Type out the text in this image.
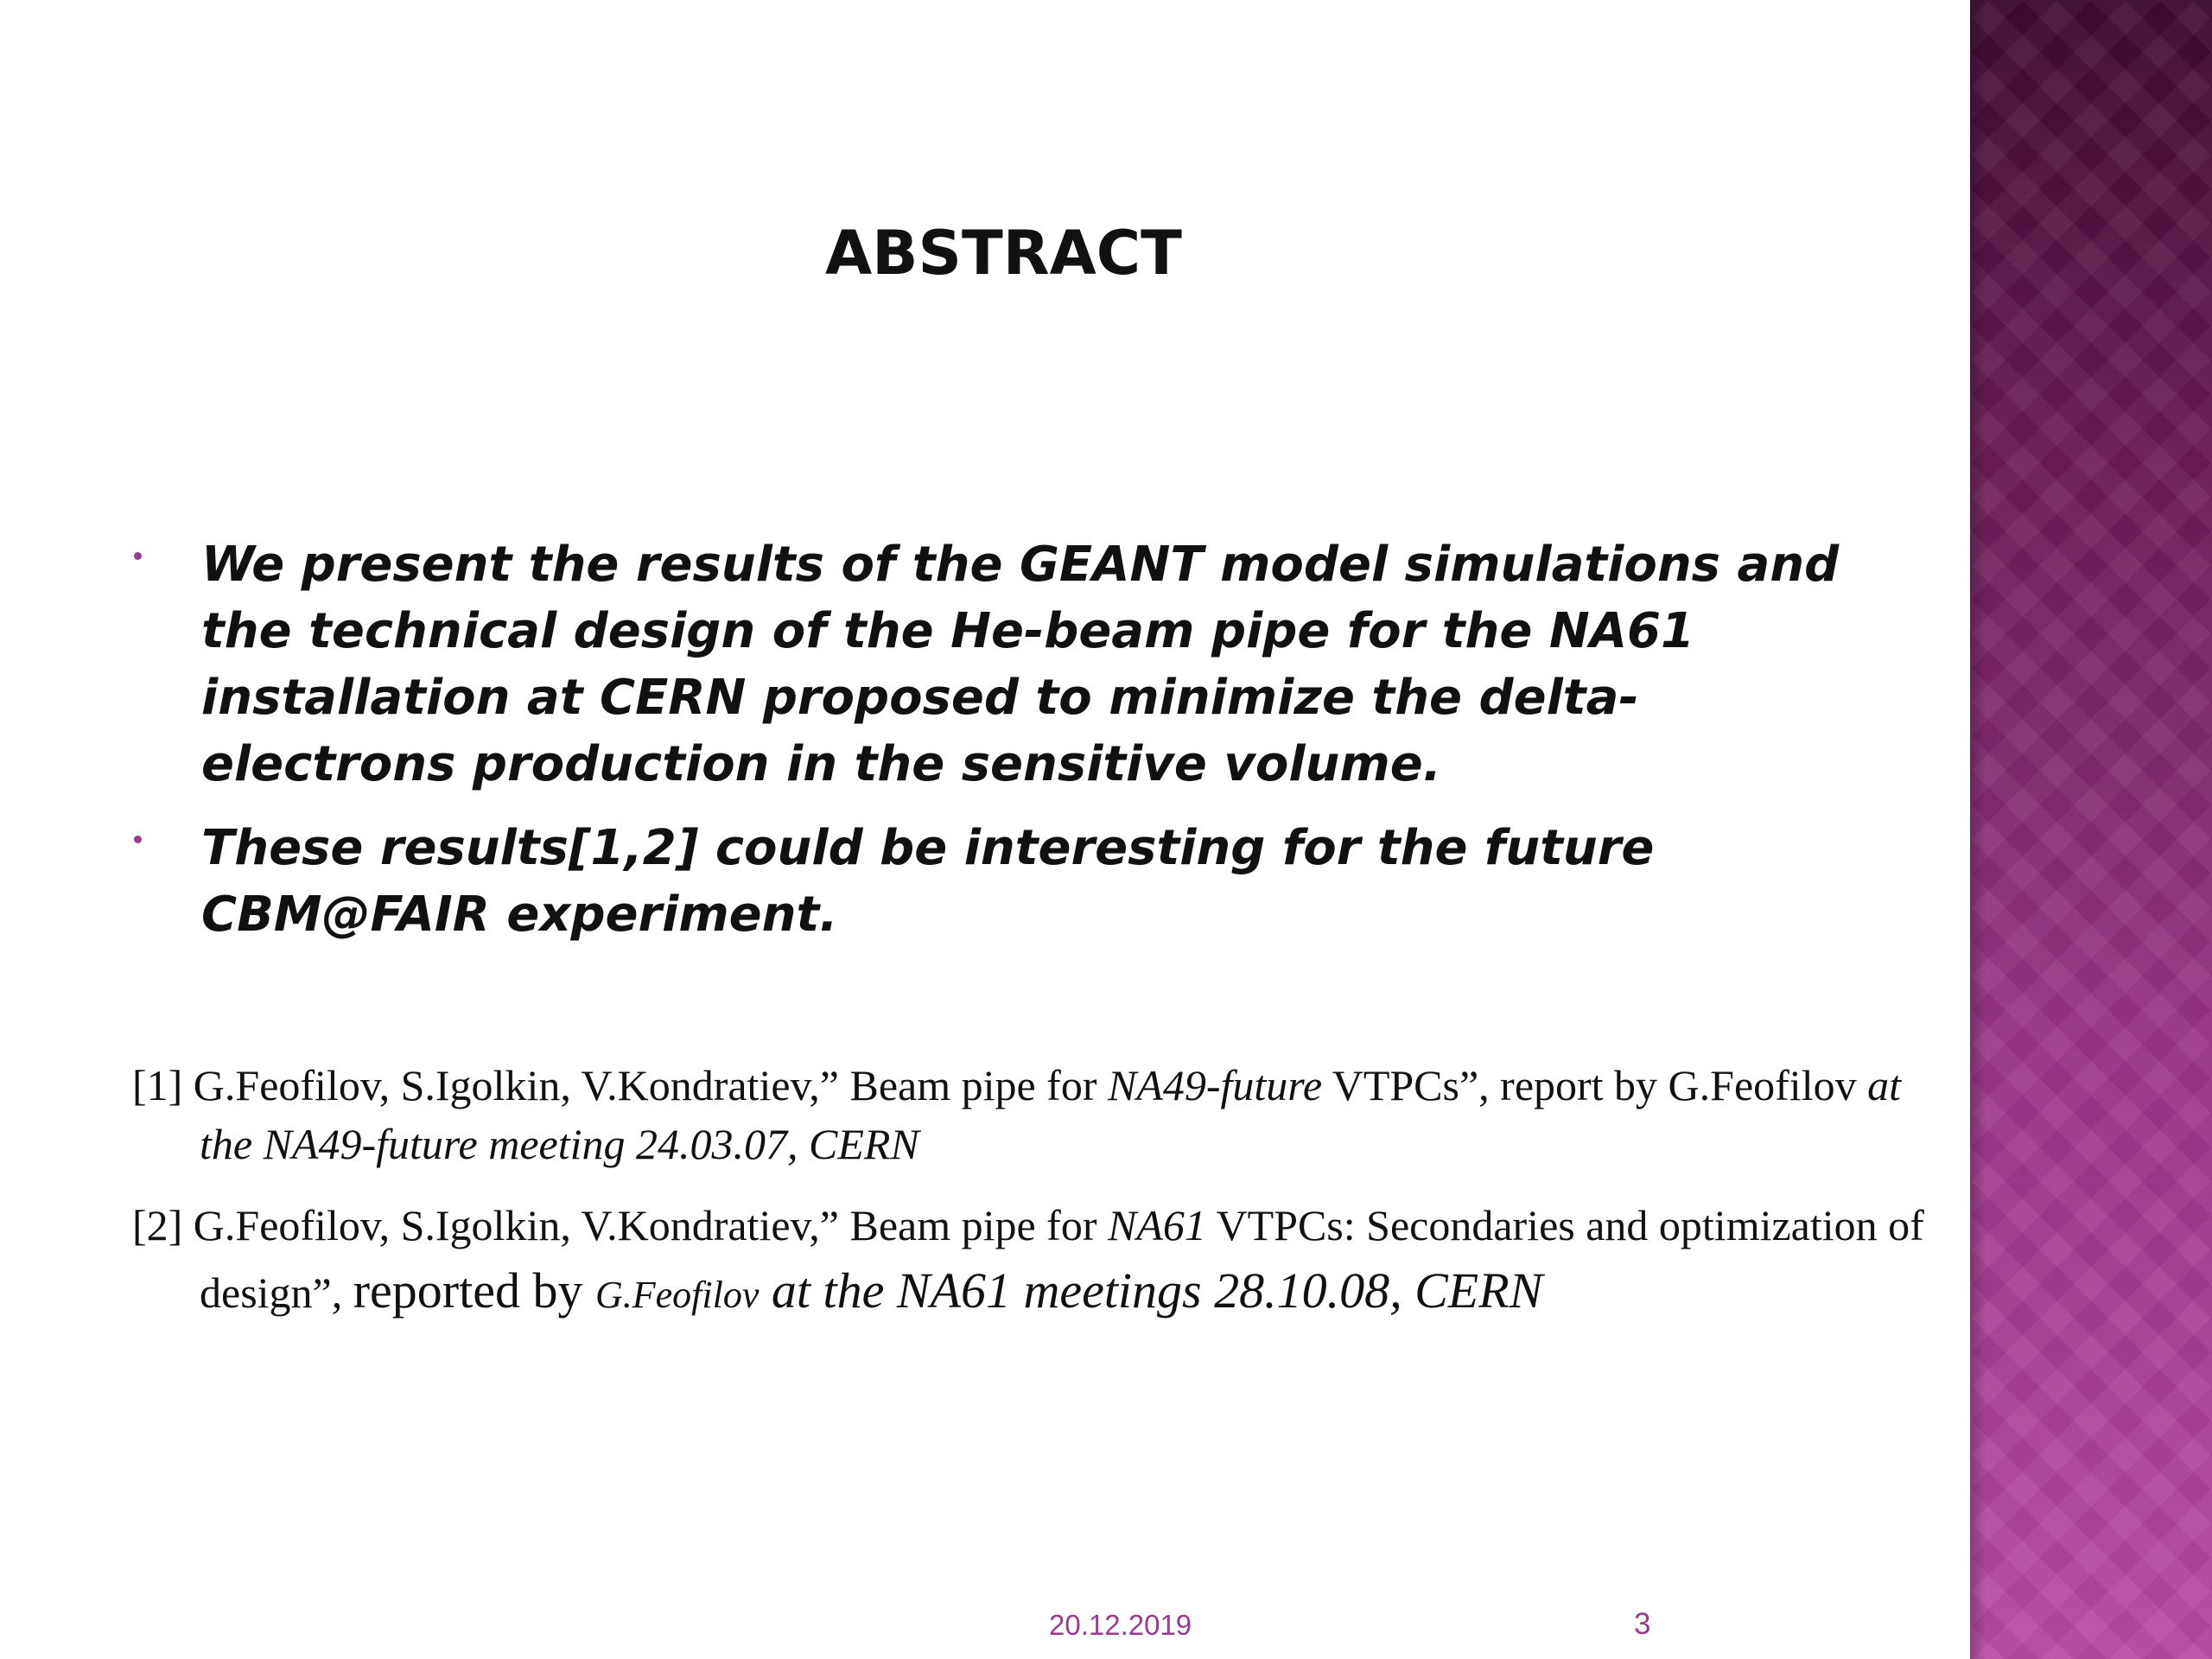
ABSTRACT
We present the results of the GEANT model simulations and the technical design of the He-beam pipe for the NA61 installation at CERN proposed to minimize the delta-electrons production in the sensitive volume.
These results[1,2] could be interesting for the future CBM@FAIR experiment.
[1] G.Feofilov, S.Igolkin, V.Kondratiev,” Beam pipe for NA49-future VTPCs”, report by G.Feofilov at the NA49-future meeting 24.03.07, CERN
[2] G.Feofilov, S.Igolkin, V.Kondratiev,” Beam pipe for NA61 VTPCs: Secondaries and optimization of design”, reported by G.Feofilov at the NA61 meetings 28.10.08, CERN
20.12.2019	3
